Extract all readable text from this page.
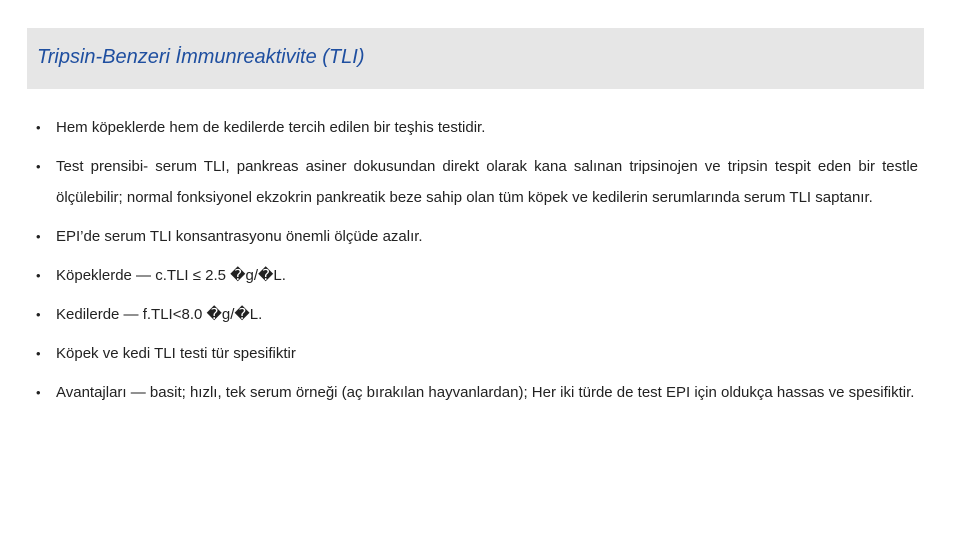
Tripsin-Benzeri İmmunreaktivite (TLI)
• Hem köpeklerde hem de kedilerde tercih edilen bir teşhis testidir.
• Test prensibi- serum TLI, pankreas asiner dokusundan direkt olarak kana salınan tripsinojen ve tripsin tespit eden bir testle ölçülebilir; normal fonksiyonel ekzokrin pankreatik beze sahip olan tüm köpek ve kedilerin serumlarında serum TLI saptanır.
• EPI’de serum TLI konsantrasyonu önemli ölçüde azalır.
• Köpeklerde — c.TLI ≤ 2.5 �g/�L.
• Kedilerde — f.TLI<8.0 �g/�L.
• Köpek ve kedi TLI testi tür spesifiktir
• Avantajları — basit; hızlı, tek serum örneği (aç bırakılan hayvanlardan); Her iki türde de test EPI için oldukça hassas ve spesifiktir.
